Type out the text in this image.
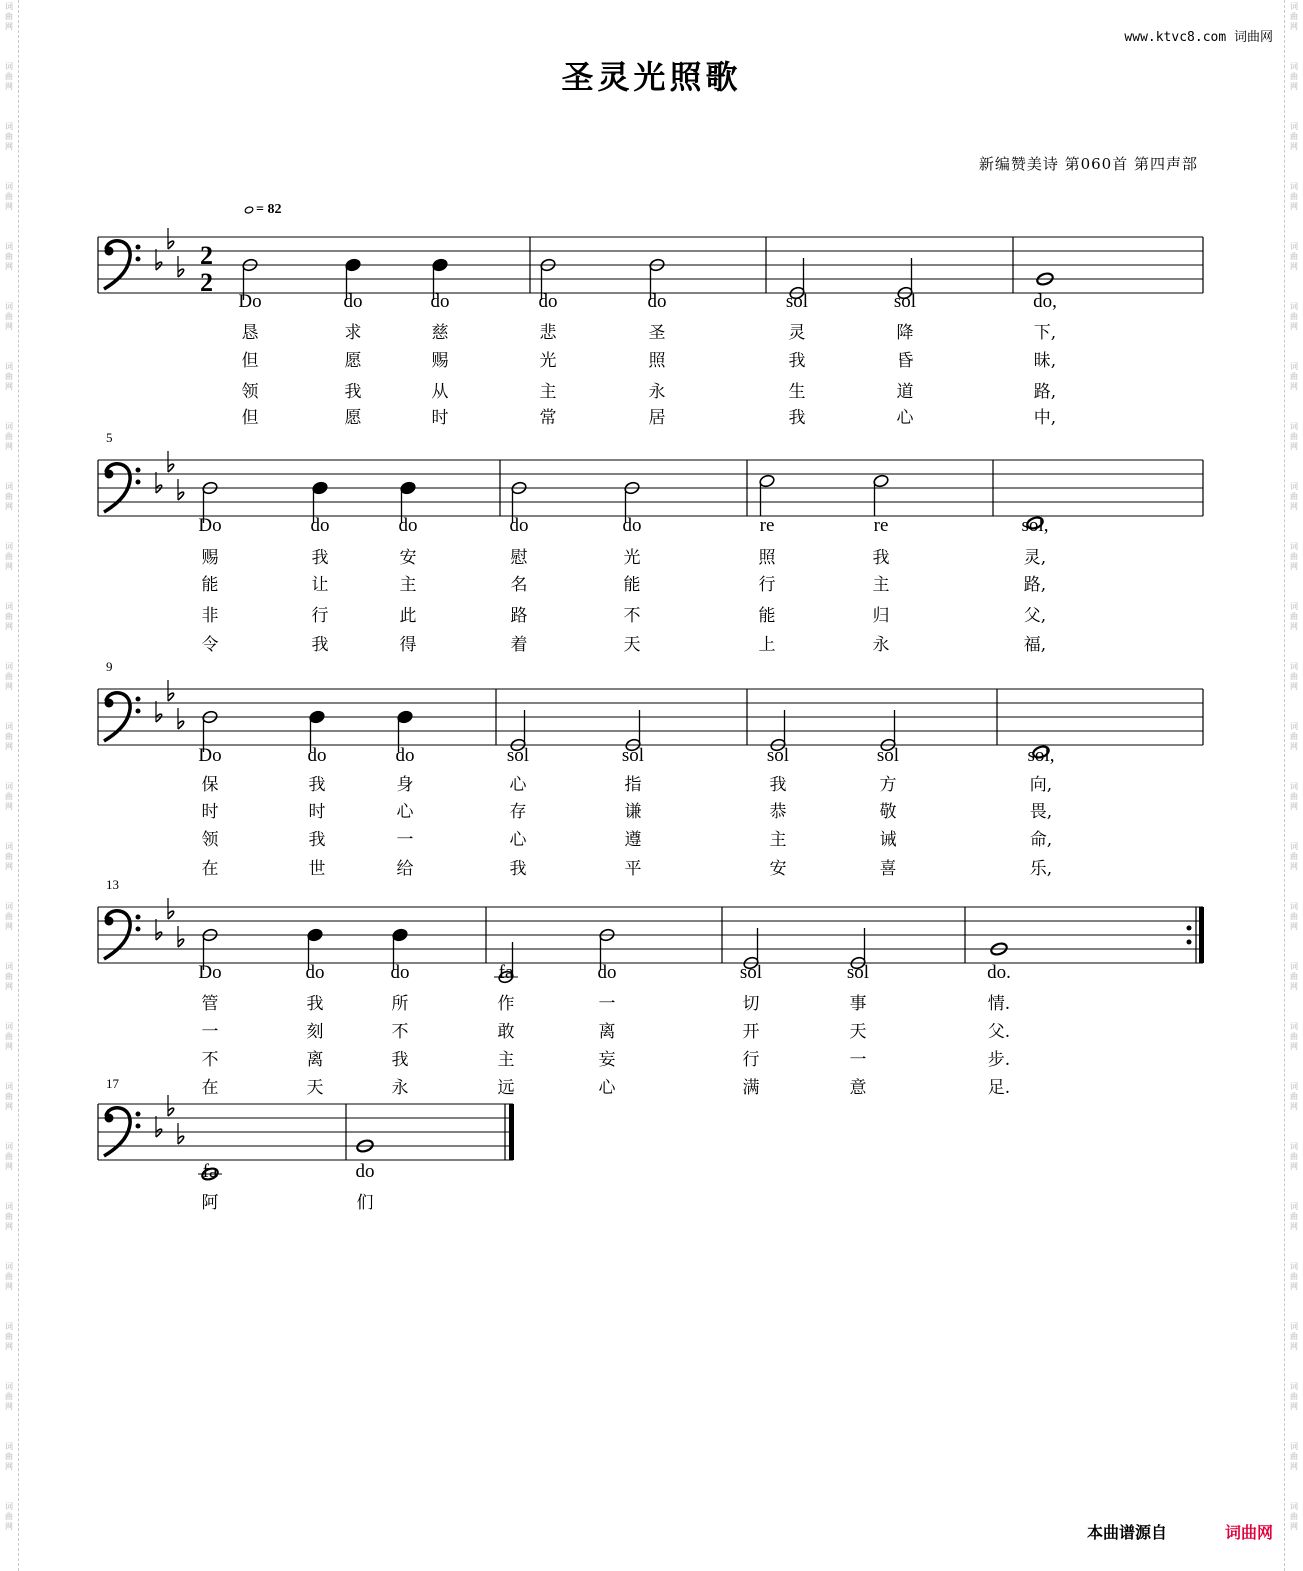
词
曲
网
词
曲
网
词
曲
网
词
曲
网
词
曲
网
词
曲
网
词
曲
网
词
曲
网
词
曲
网
词
曲
网
词
曲
网
词
曲
网
词
曲
网
词
曲
网
词
曲
网
词
曲
网
词
曲
网
词
曲
网
词
曲
网
词
曲
网
词
曲
网
词
曲
网
词
曲
网
词
曲
网
词
曲
网
词
曲
网
词
曲
网
词
曲
网
词
曲
网
词
曲
网
词
曲
网
词
曲
网
词
曲
网
词
曲
网
词
曲
网
词
曲
网
词
曲
网
词
曲
网
词
曲
网
词
曲
网
词
曲
网
词
曲
网
词
曲
网
词
曲
网
词
曲
网
词
曲
网
词
曲
网
词
曲
网
词
曲
网
词
曲
网
词
曲
网
词
曲
网
www.ktvc8.com 词曲网
圣灵光照歌
新编赞美诗 第060首 第四声部
= 82
2
2
Do	do	do	do	do	sol	sol	do,
恳	求	慈	悲	圣	灵	降	下,
但	愿	赐	光	照	我	昏	昧,
领	我	从	主	永	生	道	路,
但	愿	时	常	居	我	心	中,
Do	do	do	do	do	re	re	sol,
赐	我	安	慰	光	照	我	灵,
能	让	主	名	能	行	主	路,
非	行	此	路	不	能	归	父,
令	我	得	着	天	上	永	福,
Do	do	do	sol	sol	sol	sol	sol,
保	我	身	心	指	我	方	向,
时	时	心	存	谦	恭	敬	畏,
领	我	一	心	遵	主	诫	命,
在	世	给	我	平	安	喜	乐,
Do	do	do	fa	do	sol	sol	do.
管	我	所	作	一	切	事	情.
一	刻	不	敢	离	开	天	父.
不	离	我	主	妄	行	一	步.
在	天	永	远	心	满	意	足.
fa	do
阿	们
本曲谱源自	词曲网
5
9
13
17
